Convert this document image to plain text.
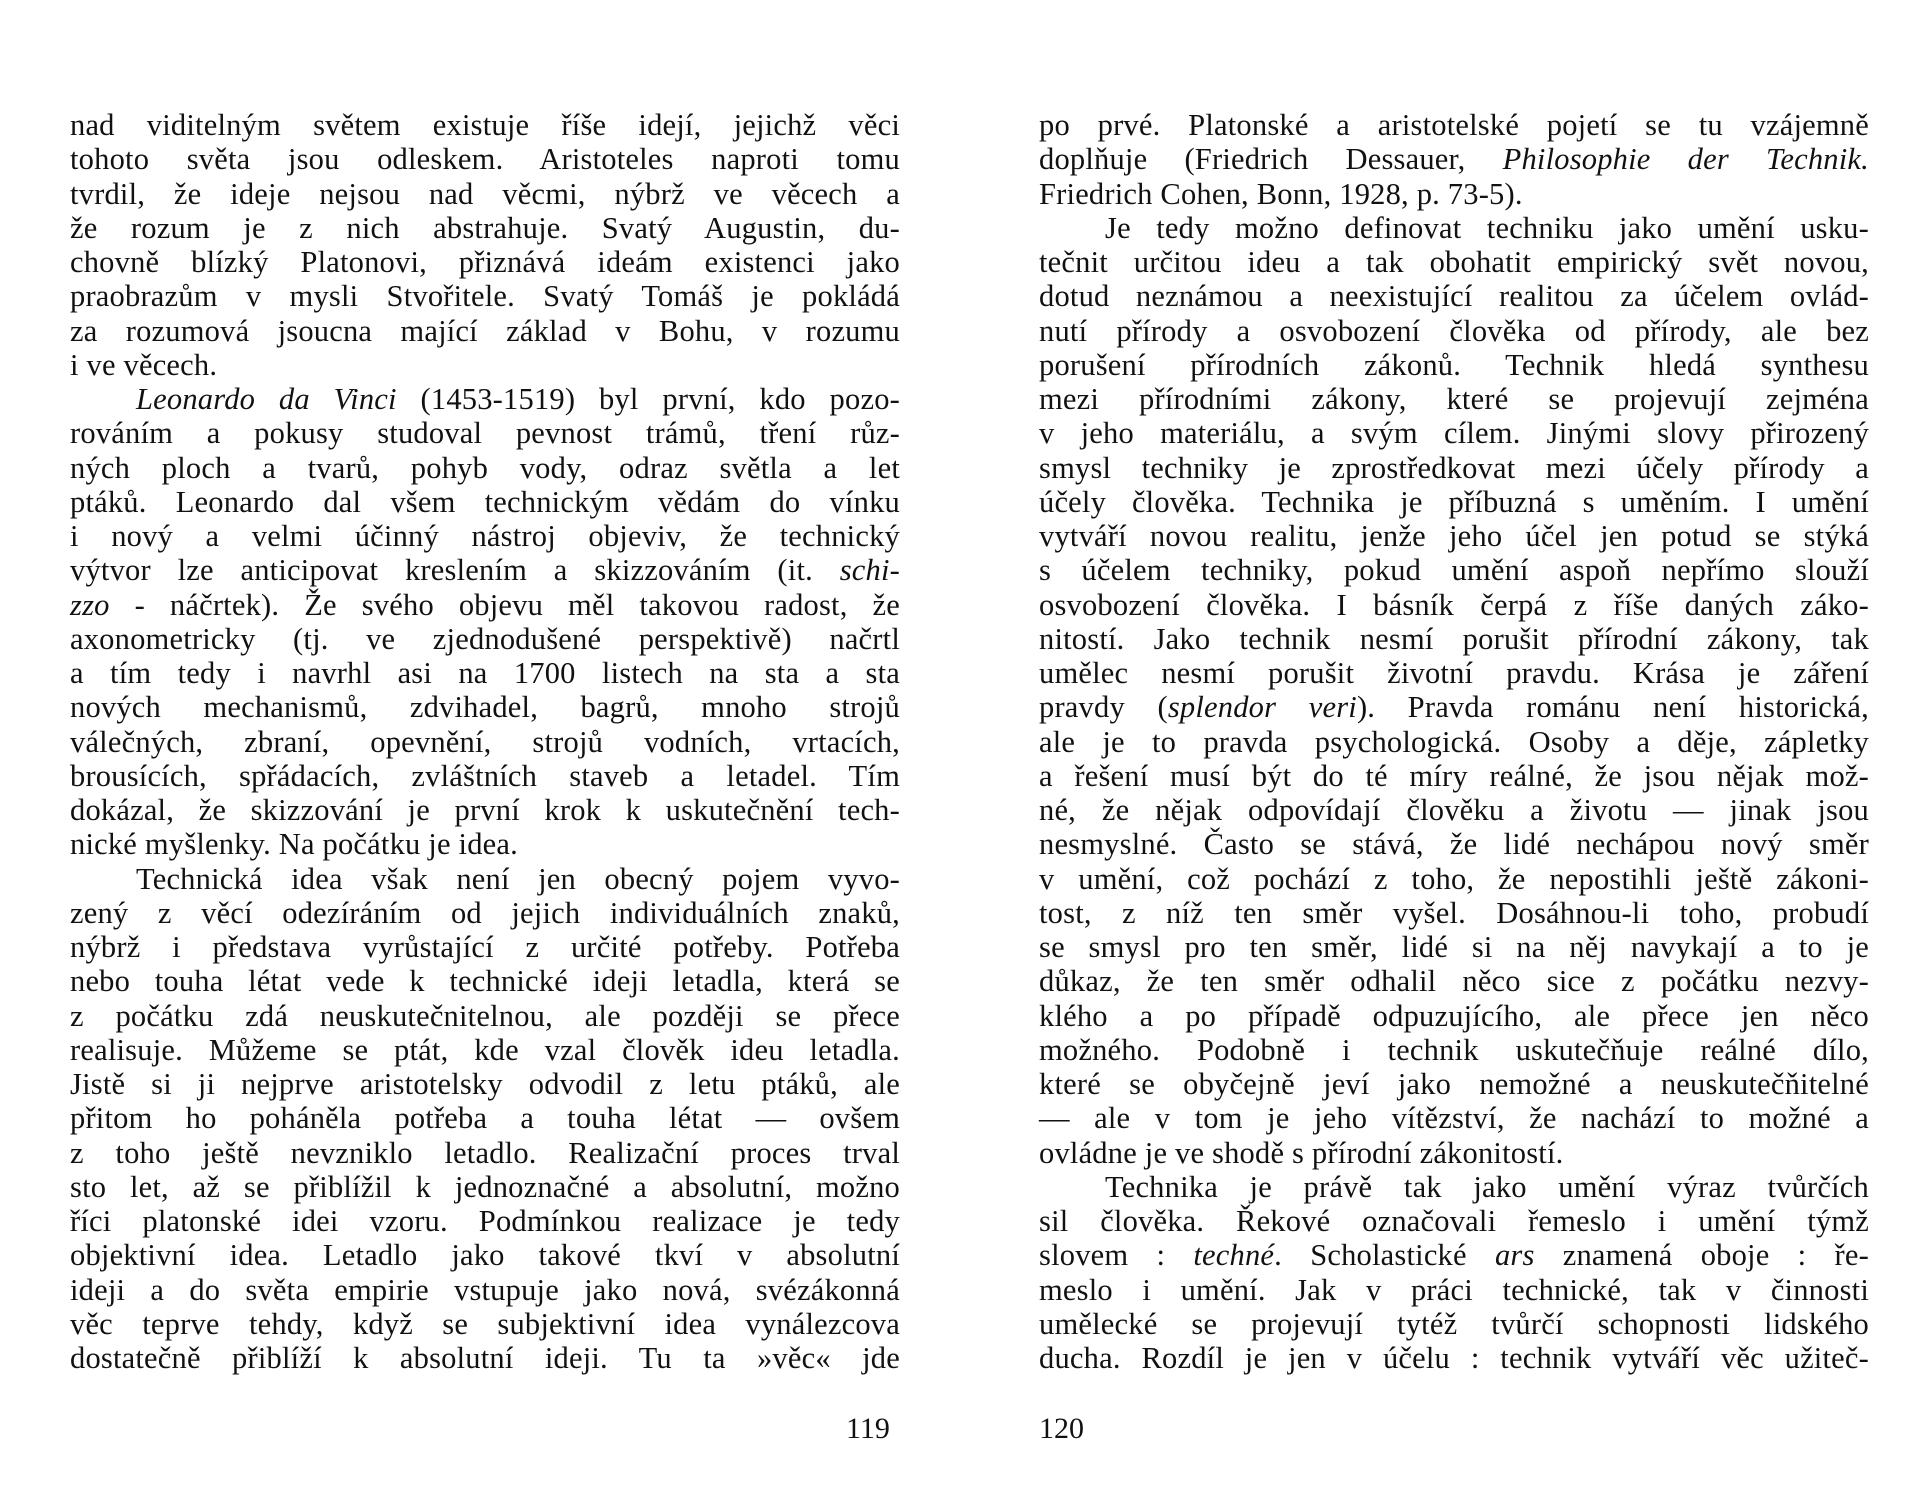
nad viditelným světem existuje říše idejí, jejichž věci
tohoto světa jsou odleskem. Aristoteles naproti tomu
tvrdil, že ideje nejsou nad věcmi, nýbrž ve věcech a
že rozum je z nich abstrahuje. Svatý Augustin, du-
chovně blízký Platonovi, přiznává ideám existenci jako
praobrazům v mysli Stvořitele. Svatý Tomáš je pokládá
za rozumová jsoucna mající základ v Bohu, v rozumu
i ve věcech.
Leonardo da Vinci (1453-1519) byl první, kdo pozo-
rováním a pokusy studoval pevnost trámů, tření růz-
ných ploch a tvarů, pohyb vody, odraz světla a let
ptáků. Leonardo dal všem technickým vědám do vínku
i nový a velmi účinný nástroj objeviv, že technický
výtvor lze anticipovat kreslením a skizzováním (it. schi-
zzo - náčrtek). Že svého objevu měl takovou radost, že
axonometricky (tj. ve zjednodušené perspektivě) načrtl
a tím tedy i navrhl asi na 1700 listech na sta a sta
nových mechanismů, zdvihadel, bagrů, mnoho strojů
válečných, zbraní, opevnění, strojů vodních, vrtacích,
brousících, spřádacích, zvláštních staveb a letadel. Tím
dokázal, že skizzování je první krok k uskutečnění tech-
nické myšlenky. Na počátku je idea.
Technická idea však není jen obecný pojem vyvo-
zený z věcí odezíráním od jejich individuálních znaků,
nýbrž i představa vyrůstající z určité potřeby. Potřeba
nebo touha létat vede k technické ideji letadla, která se
z počátku zdá neuskutečnitelnou, ale později se přece
realisuje. Můžeme se ptát, kde vzal člověk ideu letadla.
Jistě si ji nejprve aristotelsky odvodil z letu ptáků, ale
přitom ho poháněla potřeba a touha létat — ovšem
z toho ještě nevzniklo letadlo. Realizační proces trval
sto let, až se přiblížil k jednoznačné a absolutní, možno
říci platonské idei vzoru. Podmínkou realizace je tedy
objektivní idea. Letadlo jako takové tkví v absolutní
ideji a do světa empirie vstupuje jako nová, svézákonná
věc teprve tehdy, když se subjektivní idea vynálezcova
dostatečně přiblíží k absolutní ideji. Tu ta »věc« jde
119
po prvé. Platonské a aristotelské pojetí se tu vzájemně
doplňuje (Friedrich Dessauer, Philosophie der Technik.
Friedrich Cohen, Bonn, 1928, p. 73-5).
Je tedy možno definovat techniku jako umění usku-
tečnit určitou ideu a tak obohatit empirický svět novou,
dotud neznámou a neexistující realitou za účelem ovlád-
nutí přírody a osvobození člověka od přírody, ale bez
porušení přírodních zákonů. Technik hledá synthesu
mezi přírodními zákony, které se projevují zejména
v jeho materiálu, a svým cílem. Jinými slovy přirozený
smysl techniky je zprostředkovat mezi účely přírody a
účely člověka. Technika je příbuzná s uměním. I umění
vytváří novou realitu, jenže jeho účel jen potud se stýká
s účelem techniky, pokud umění aspoň nepřímo slouží
osvobození člověka. I básník čerpá z říše daných záko-
nitostí. Jako technik nesmí porušit přírodní zákony, tak
umělec nesmí porušit životní pravdu. Krása je záření
pravdy (splendor veri). Pravda románu není historická,
ale je to pravda psychologická. Osoby a děje, zápletky
a řešení musí být do té míry reálné, že jsou nějak mož-
né, že nějak odpovídají člověku a životu — jinak jsou
nesmyslné. Často se stává, že lidé nechápou nový směr
v umění, což pochází z toho, že nepostihli ještě zákoni-
tost, z níž ten směr vyšel. Dosáhnou-li toho, probudí
se smysl pro ten směr, lidé si na něj navykají a to je
důkaz, že ten směr odhalil něco sice z počátku nezvy-
klého a po případě odpuzujícího, ale přece jen něco
možného. Podobně i technik uskutečňuje reálné dílo,
které se obyčejně jeví jako nemožné a neuskutečňitelné
— ale v tom je jeho vítězství, že nachází to možné a
ovládne je ve shodě s přírodní zákonitostí.
Technika je právě tak jako umění výraz tvůrčích
sil člověka. Řekové označovali řemeslo i umění týmž
slovem : techné. Scholastické ars znamená oboje : ře-
meslo i umění. Jak v práci technické, tak v činnosti
umělecké se projevují tytéž tvůrčí schopnosti lidského
ducha. Rozdíl je jen v účelu : technik vytváří věc užiteč-
120
